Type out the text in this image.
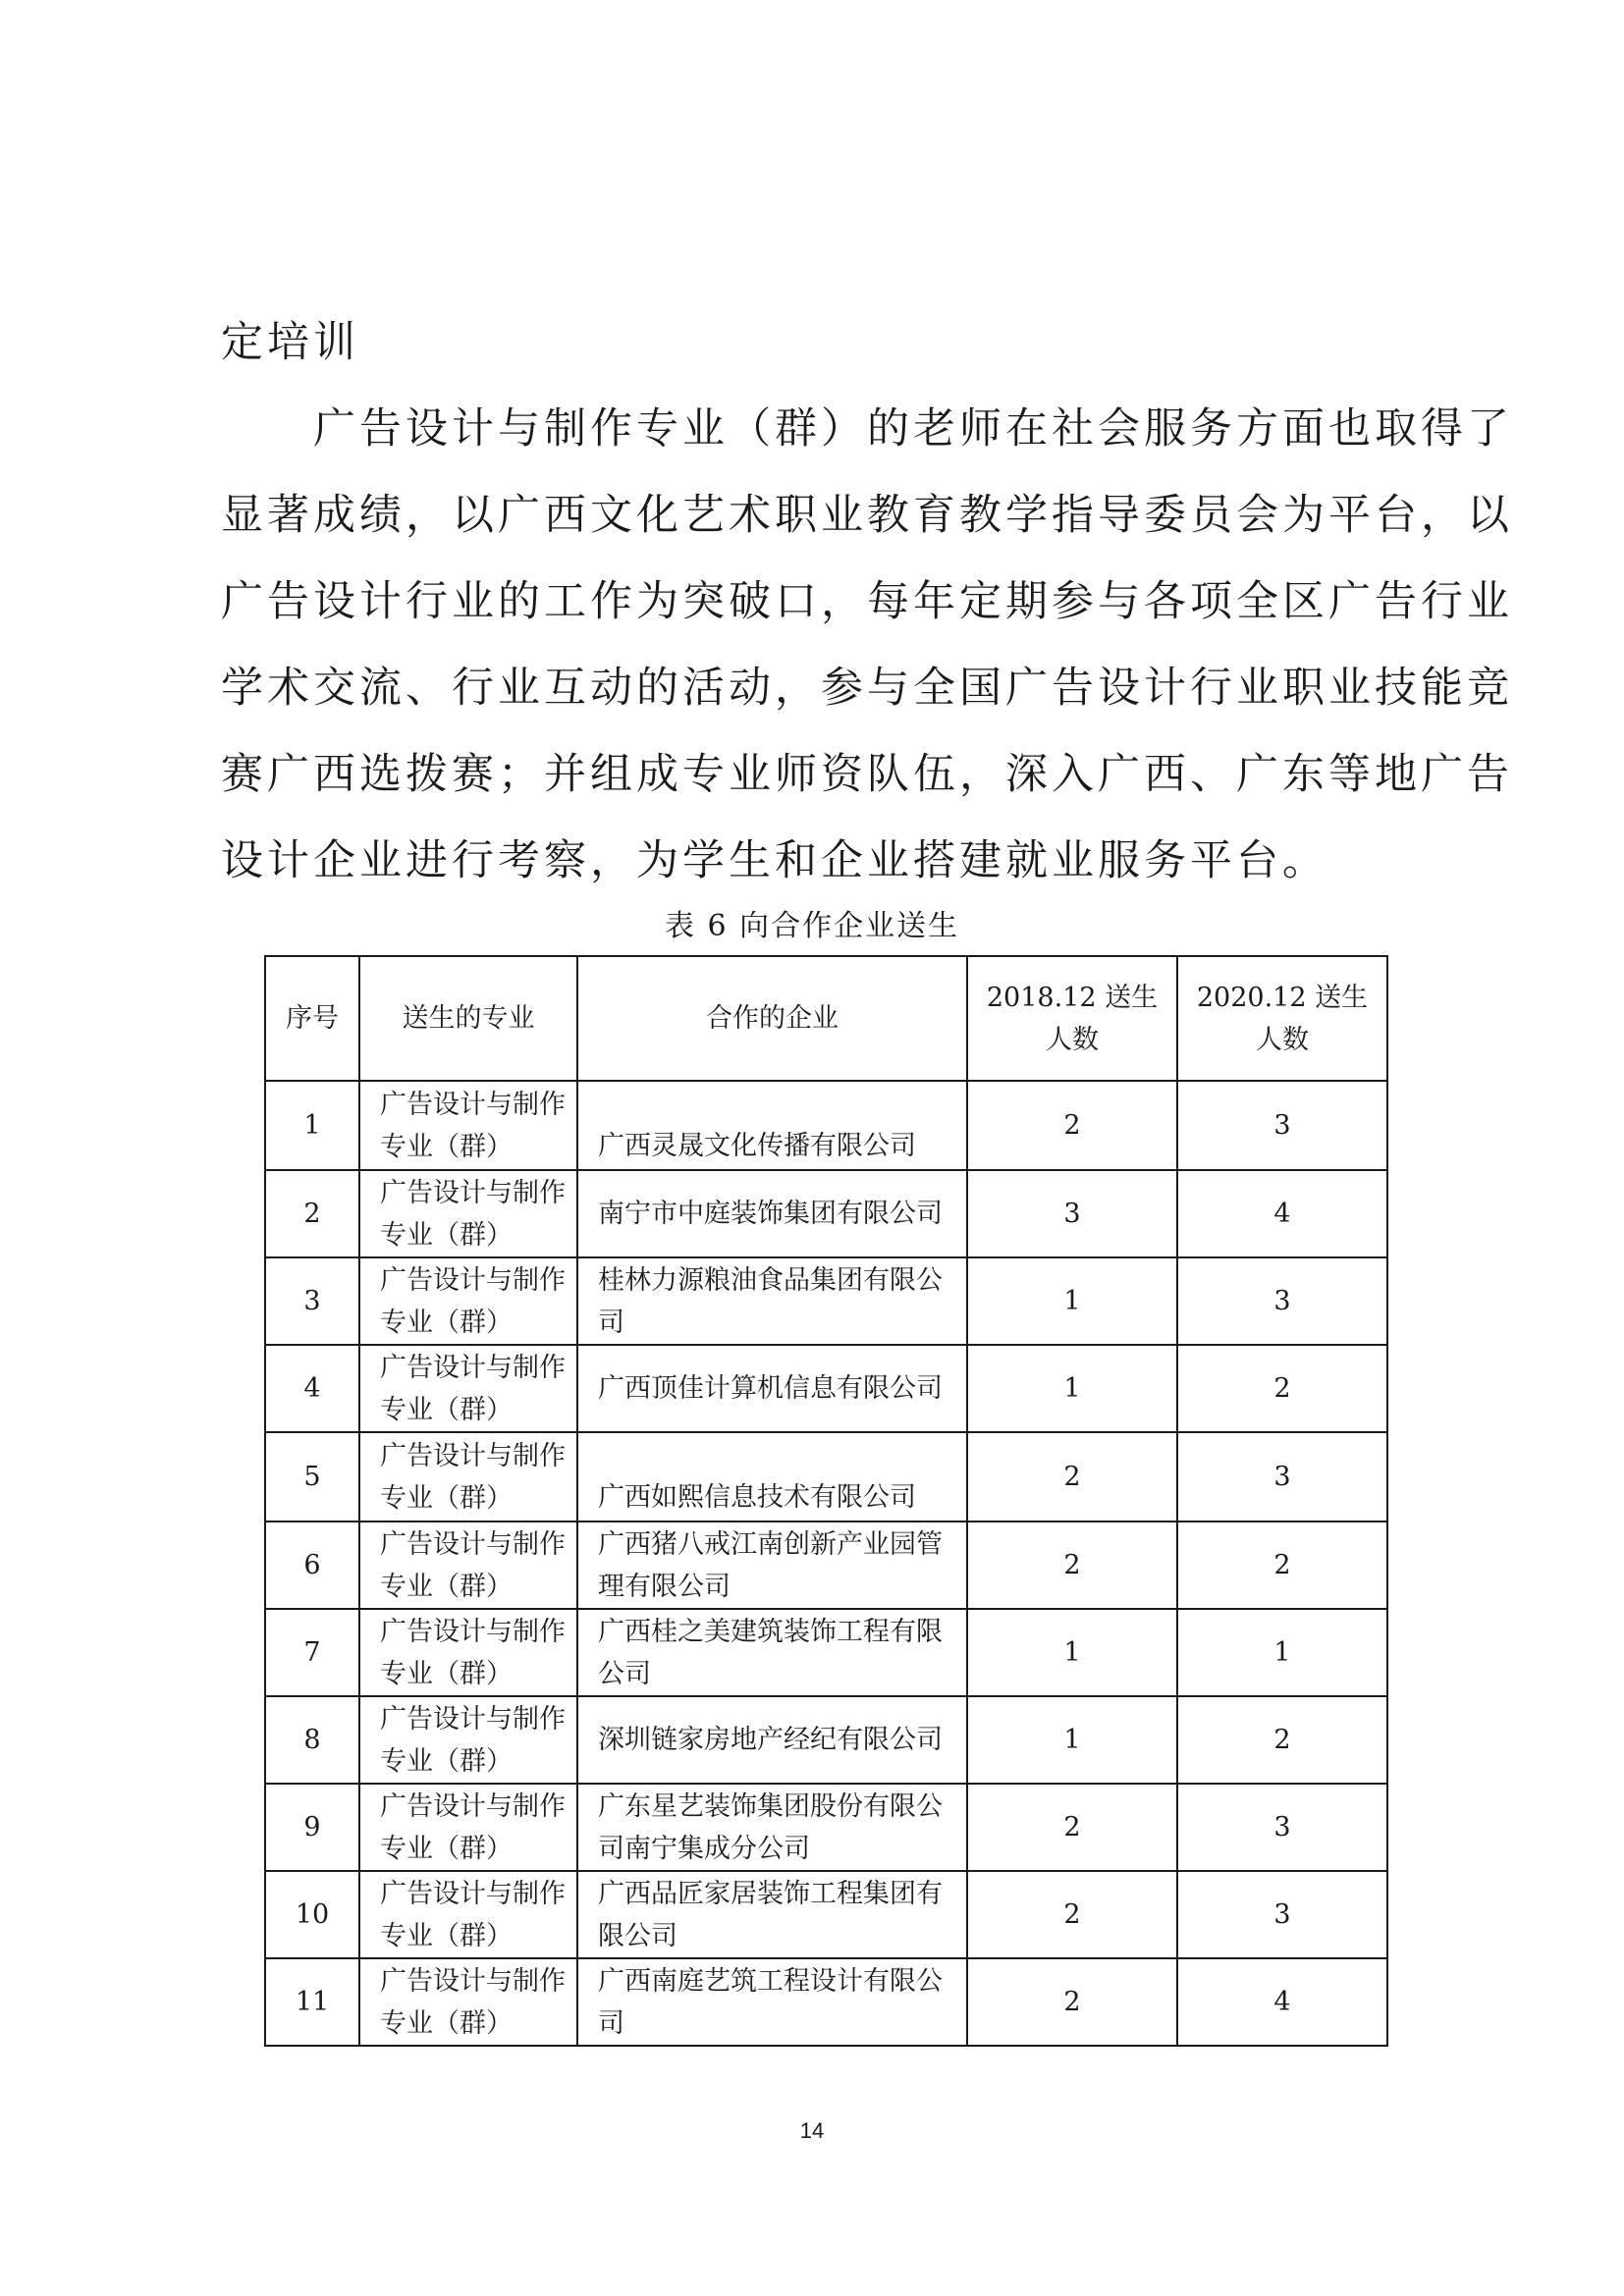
定培训

　　广告设计与制作专业（群）的老师在社会服务方面也取得了

显著成绩，以广西文化艺术职业教育教学指导委员会为平台，以

广告设计行业的工作为突破口，每年定期参与各项全区广告行业

学术交流、行业互动的活动，参与全国广告设计行业职业技能竞

赛广西选拨赛；并组成专业师资队伍，深入广西、广东等地广告

设计企业进行考察，为学生和企业搭建就业服务平台。

表 6 向合作企业送生
序号	送生的专业	合作的企业	2018.12 送生人数	2020.12 送生人数
1	广告设计与制作专业（群）	广西灵晟文化传播有限公司	2	3
2	广告设计与制作专业（群）	南宁市中庭装饰集团有限公司	3	4
3	广告设计与制作专业（群）	桂林力源粮油食品集团有限公司	1	3
4	广告设计与制作专业（群）	广西顶佳计算机信息有限公司	1	2
5	广告设计与制作专业（群）	广西如熙信息技术有限公司	2	3
6	广告设计与制作专业（群）	广西猪八戒江南创新产业园管理有限公司	2	2
7	广告设计与制作专业（群）	广西桂之美建筑装饰工程有限公司	1	1
8	广告设计与制作专业（群）	深圳链家房地产经纪有限公司	1	2
9	广告设计与制作专业（群）	广东星艺装饰集团股份有限公司南宁集成分公司	2	3
10	广告设计与制作专业（群）	广西品匠家居装饰工程集团有限公司	2	3
11	广告设计与制作专业（群）	广西南庭艺筑工程设计有限公司	2	4
14
